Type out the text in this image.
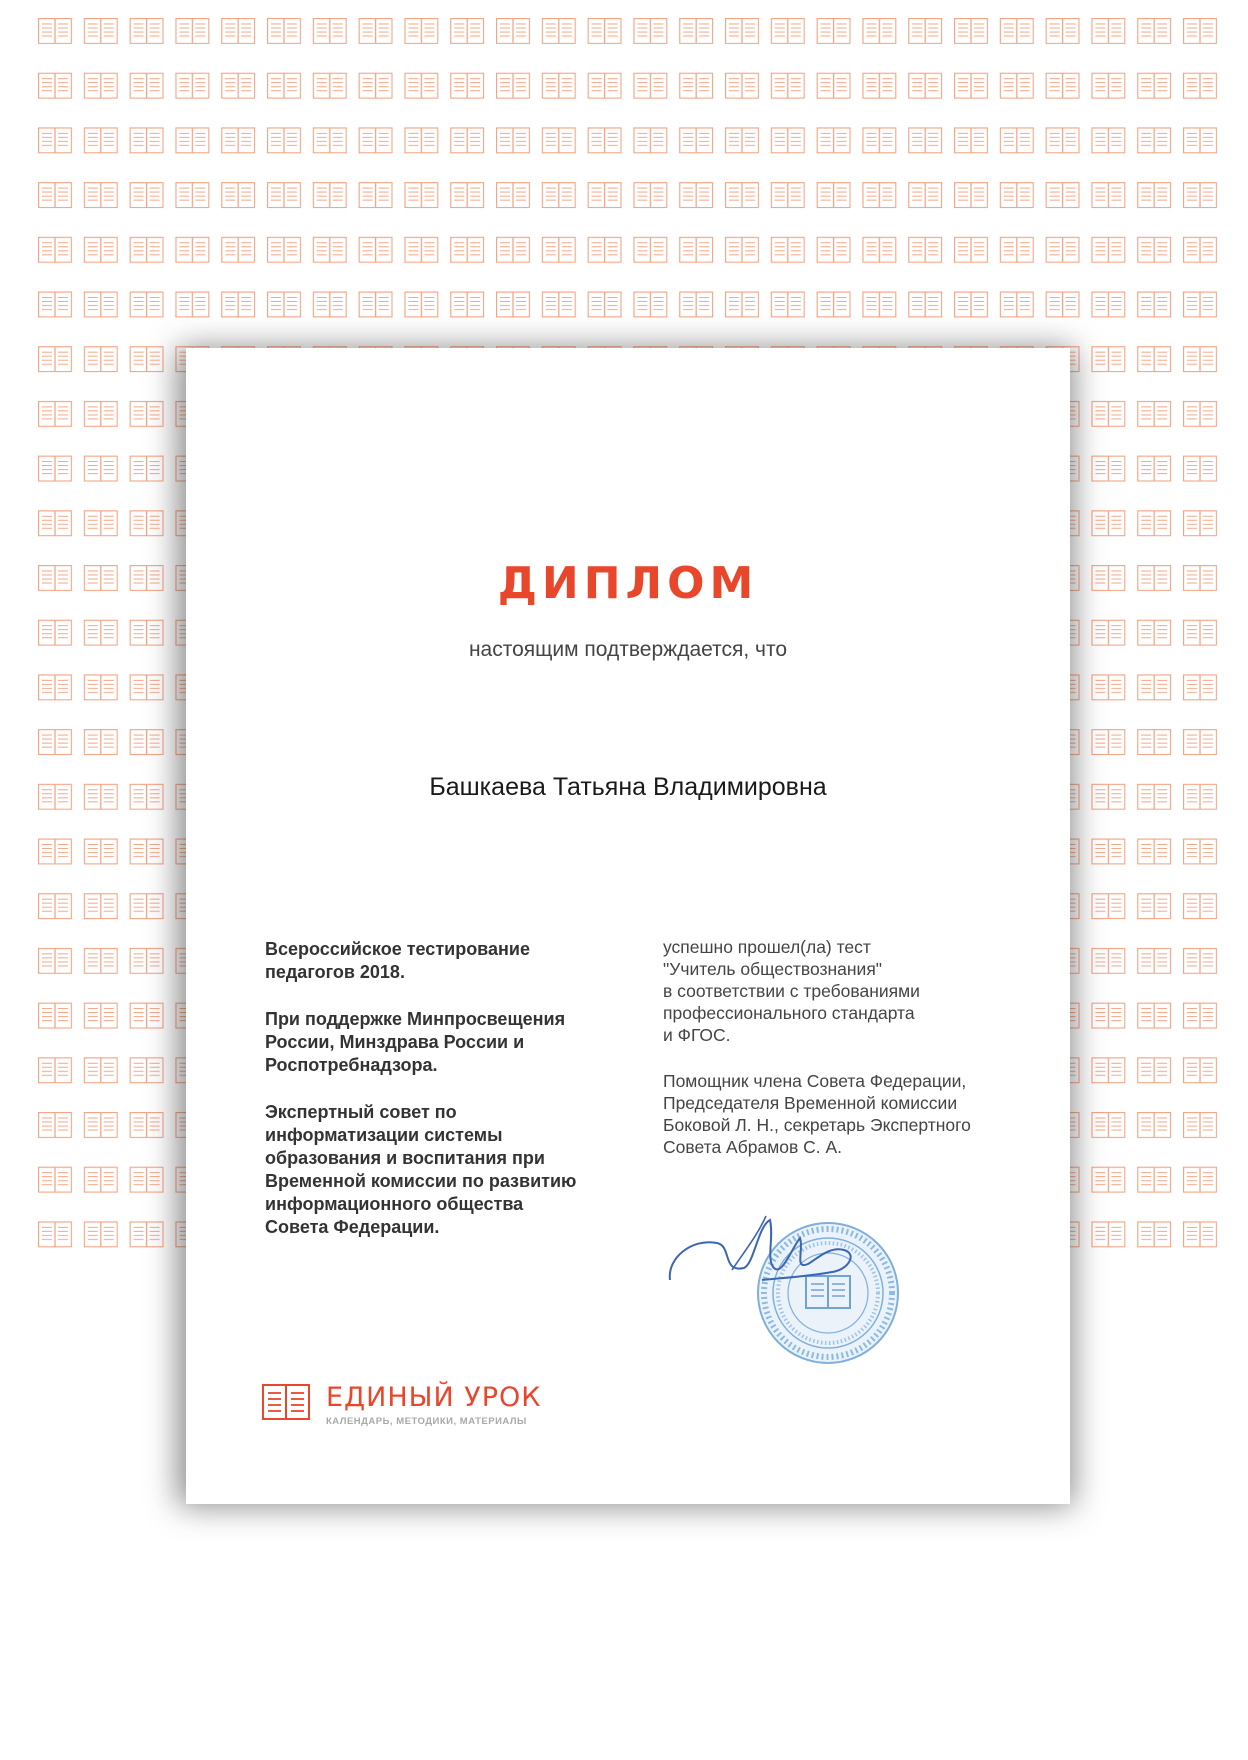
ДИПЛОМ
настоящим подтверждается, что
Башкаева Татьяна Владимировна

Всероссийское тестирование
педагогов 2018.

При поддержке Минпросвещения
России, Минздрава России и
Роспотребнадзора.

Экспертный совет по
информатизации системы
образования и воспитания при
Временной комиссии по развитию
информационного общества
Совета Федерации.

успешно прошел(ла) тест
"Учитель обществознания"
в соответствии с требованиями
профессионального стандарта
и ФГОС.

Помощник члена Совета Федерации,
Председателя Временной комиссии
Боковой Л. Н., секретарь Экспертного
Совета Абрамов С. А.

ЕДИНЫЙ УРОК
КАЛЕНДАРЬ, МЕТОДИКИ, МАТЕРИАЛЫ
